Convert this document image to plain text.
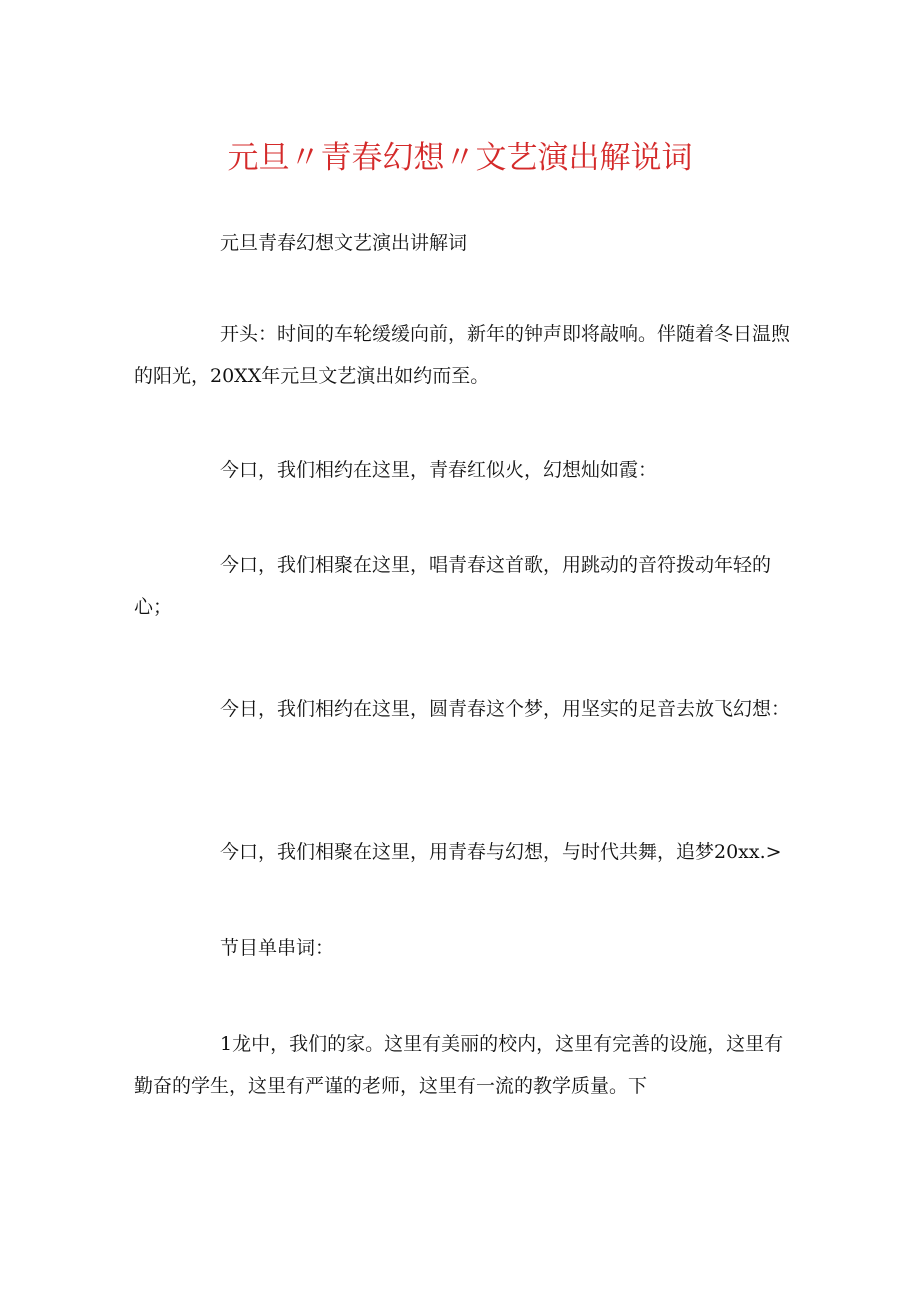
元旦〃青春幻想〃文艺演出解说词

元旦青春幻想文艺演出讲解词

开头：时间的车轮缓缓向前，新年的钟声即将敲响。伴随着冬日温煦的阳光，20XX年元旦文艺演出如约而至。

今口，我们相约在这里，青春红似火，幻想灿如霞：

今口，我们相聚在这里，唱青春这首歌，用跳动的音符拨动年轻的心；

今日，我们相约在这里，圆青春这个梦，用坚实的足音去放飞幻想：

今口，我们相聚在这里，用青春与幻想，与时代共舞，追梦20xx.>

节目单串词：

1龙中，我们的家。这里有美丽的校内，这里有完善的设施，这里有勤奋的学生，这里有严谨的老师，这里有一流的教学质量。下
